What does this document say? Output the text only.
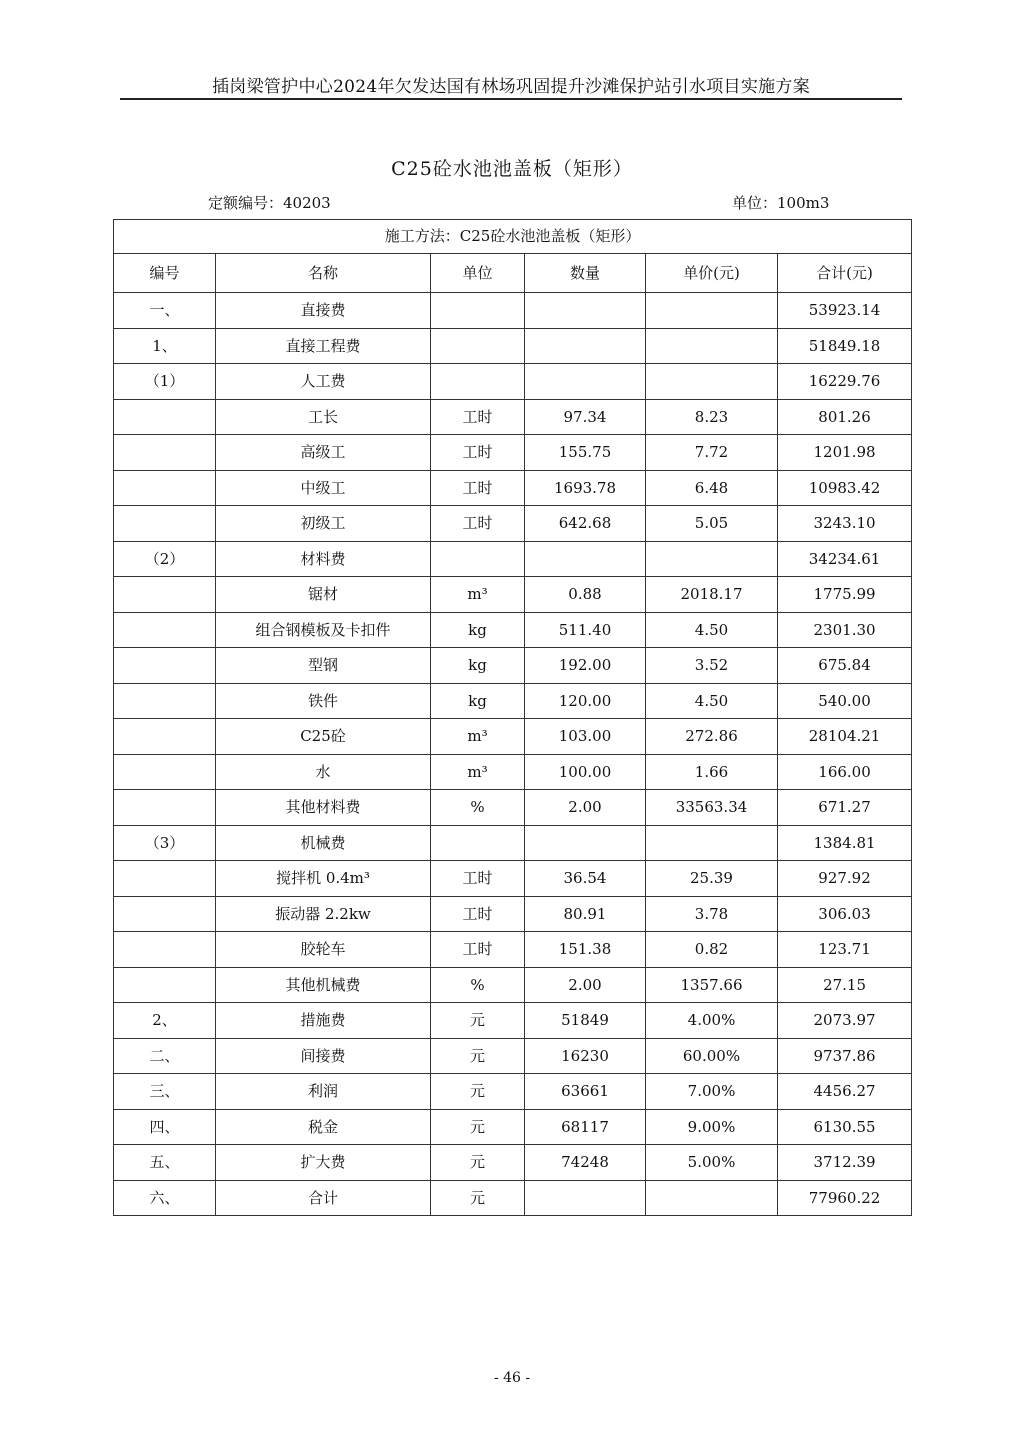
插岗梁管护中心2024年欠发达国有林场巩固提升沙滩保护站引水项目实施方案
C25砼水池池盖板（矩形）
定额编号：40203	单位：100m3
施工方法：C25砼水池池盖板（矩形）					
编号	名称	单位	数量	单价(元)	合计(元)
一、	直接费				53923.14
1、	直接工程费				51849.18
（1）	人工费				16229.76
	工长	工时	97.34	8.23	801.26
	高级工	工时	155.75	7.72	1201.98
	中级工	工时	1693.78	6.48	10983.42
	初级工	工时	642.68	5.05	3243.10
（2）	材料费				34234.61
	锯材	m³	0.88	2018.17	1775.99
	组合钢模板及卡扣件	kg	511.40	4.50	2301.30
	型钢	kg	192.00	3.52	675.84
	铁件	kg	120.00	4.50	540.00
	C25砼	m³	103.00	272.86	28104.21
	水	m³	100.00	1.66	166.00
	其他材料费	%	2.00	33563.34	671.27
（3）	机械费				1384.81
	搅拌机 0.4m³	工时	36.54	25.39	927.92
	振动器 2.2kw	工时	80.91	3.78	306.03
	胶轮车	工时	151.38	0.82	123.71
	其他机械费	%	2.00	1357.66	27.15
2、	措施费	元	51849	4.00%	2073.97
二、	间接费	元	16230	60.00%	9737.86
三、	利润	元	63661	7.00%	4456.27
四、	税金	元	68117	9.00%	6130.55
五、	扩大费	元	74248	5.00%	3712.39
六、	合计	元			77960.22
- 46 -
